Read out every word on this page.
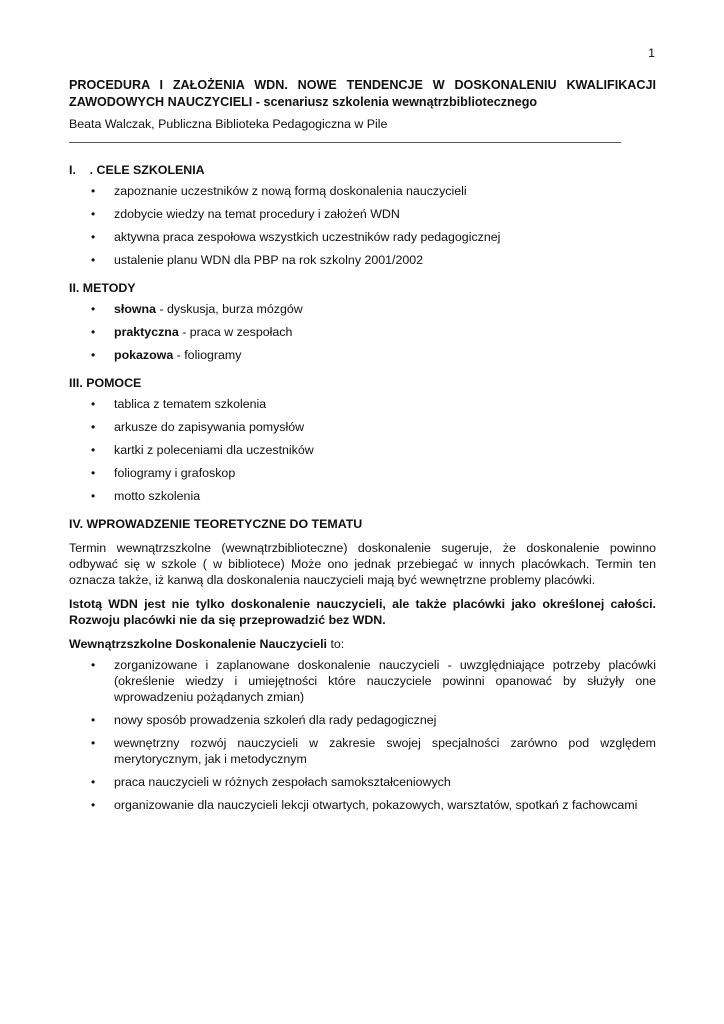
1
PROCEDURA I ZAŁOŻENIA WDN. NOWE TENDENCJE W DOSKONALENIU KWALIFIKACJI ZAWODOWYCH NAUCZYCIELI - scenariusz szkolenia wewnątrzbibliotecznego
Beata Walczak, Publiczna Biblioteka Pedagogiczna w Pile
I.    . CELE SZKOLENIA
• zapoznanie uczestników z nową formą doskonalenia nauczycieli
• zdobycie wiedzy na temat procedury i założeń WDN
• aktywna praca zespołowa wszystkich uczestników rady pedagogicznej
• ustalenie planu WDN dla PBP na rok szkolny 2001/2002
II. METODY
• słowna - dyskusja, burza mózgów
• praktyczna - praca w zespołach
• pokazowa - foliogramy
III. POMOCE
• tablica z tematem szkolenia
• arkusze do zapisywania pomysłów
• kartki z poleceniami dla uczestników
• foliogramy i grafoskop
• motto szkolenia
IV. WPROWADZENIE TEORETYCZNE DO TEMATU

Termin wewnątrzszkolne (wewnątrzbiblioteczne) doskonalenie sugeruje, że doskonalenie powinno odbywać się w szkole ( w bibliotece) Może ono jednak przebiegać w innych placówkach. Termin ten oznacza także, iż kanwą dla doskonalenia nauczycieli mają być wewnętrzne problemy placówki.

Istotą WDN jest nie tylko doskonalenie nauczycieli, ale także placówki jako określonej całości. Rozwoju placówki nie da się przeprowadzić bez WDN.

Wewnątrzszkolne Doskonalenie Nauczycieli to:

• zorganizowane i zaplanowane doskonalenie nauczycieli - uwzględniające potrzeby placówki (określenie wiedzy i umiejętności które nauczyciele powinni opanować by służyły one wprowadzeniu pożądanych zmian)
• nowy sposób prowadzenia szkoleń dla rady pedagogicznej
• wewnętrzny rozwój nauczycieli w zakresie swojej specjalności zarówno pod względem merytorycznym, jak i metodycznym
• praca nauczycieli w różnych zespołach samokształceniowych
• organizowanie dla nauczycieli lekcji otwartych, pokazowych, warsztatów, spotkań z fachowcami
